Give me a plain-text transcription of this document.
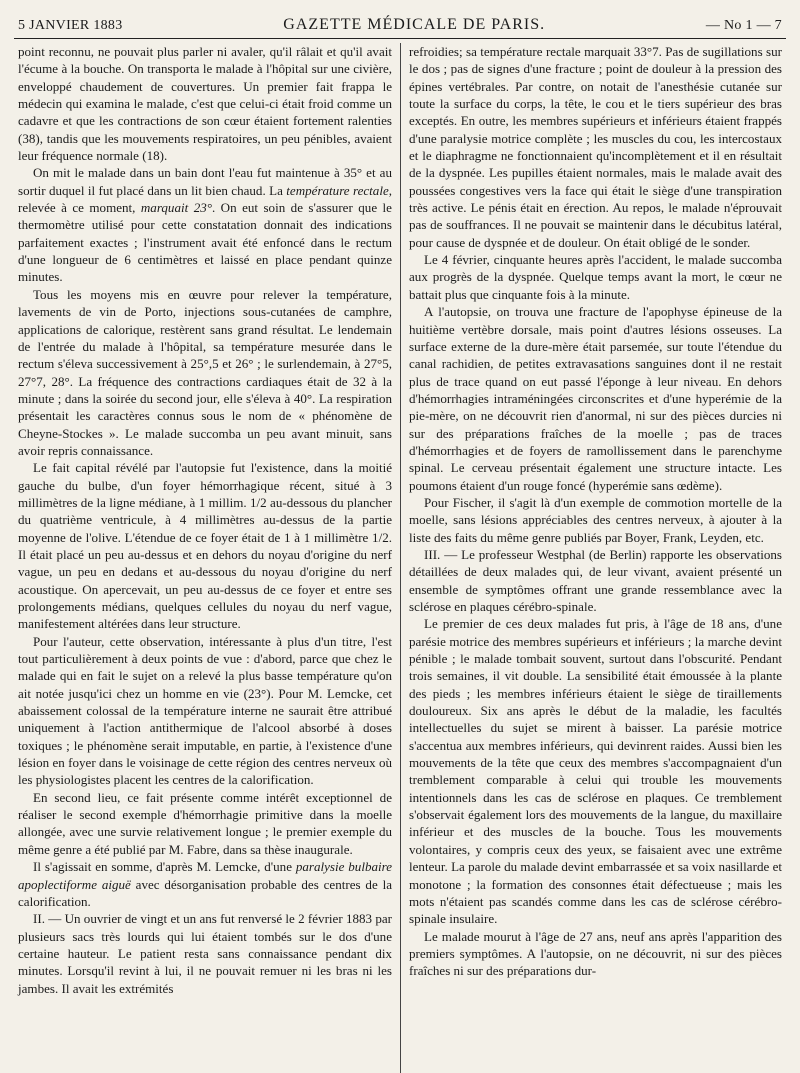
5 JANVIER 1883	GAZETTE MÉDICALE DE PARIS.	— No 1 — 7

point reconnu, ne pouvait plus parler ni avaler, qu'il râlait et qu'il avait l'écume à la bouche. On transporta le malade à l'hôpital sur une civière, enveloppé chaudement de couvertures. Un premier fait frappa le médecin qui examina le malade, c'est que celui-ci était froid comme un cadavre et que les contractions de son cœur étaient fortement ralenties (38), tandis que les mouvements respiratoires, un peu pénibles, avaient leur fréquence normale (18).

On mit le malade dans un bain dont l'eau fut maintenue à 35° et au sortir duquel il fut placé dans un lit bien chaud. La température rectale, relevée à ce moment, marquait 23°. On eut soin de s'assurer que le thermomètre utilisé pour cette constatation donnait des indications parfaitement exactes ; l'instrument avait été enfoncé dans le rectum d'une longueur de 6 centimètres et laissé en place pendant quinze minutes.

Tous les moyens mis en œuvre pour relever la température, lavements de vin de Porto, injections sous-cutanées de camphre, applications de calorique, restèrent sans grand résultat. Le lendemain de l'entrée du malade à l'hôpital, sa température mesurée dans le rectum s'éleva successivement à 25°,5 et 26° ; le surlendemain, à 27°5, 27°7, 28°. La fréquence des contractions cardiaques était de 32 à la minute ; dans la soirée du second jour, elle s'éleva à 40°. La respiration présentait les caractères connus sous le nom de « phénomène de Cheyne-Stockes ». Le malade succomba un peu avant minuit, sans avoir repris connaissance.

Le fait capital révélé par l'autopsie fut l'existence, dans la moitié gauche du bulbe, d'un foyer hémorrhagique récent, situé à 3 millimètres de la ligne médiane, à 1 millim. 1/2 au-dessous du plancher du quatrième ventricule, à 4 millimètres au-dessus de la partie moyenne de l'olive. L'étendue de ce foyer était de 1 à 1 millimètre 1/2. Il était placé un peu au-dessus et en dehors du noyau d'origine du nerf vague, un peu en dedans et au-dessous du noyau d'origine du nerf acoustique. On apercevait, un peu au-dessus de ce foyer et entre ses prolongements médians, quelques cellules du noyau du nerf vague, manifestement altérées dans leur structure.

Pour l'auteur, cette observation, intéressante à plus d'un titre, l'est tout particulièrement à deux points de vue : d'abord, parce que chez le malade qui en fait le sujet on a relevé la plus basse température qu'on ait notée jusqu'ici chez un homme en vie (23°). Pour M. Lemcke, cet abaissement colossal de la température interne ne saurait être attribué uniquement à l'action antithermique de l'alcool absorbé à doses toxiques ; le phénomène serait imputable, en partie, à l'existence d'une lésion en foyer dans le voisinage de cette région des centres nerveux où les physiologistes placent les centres de la calorification.

En second lieu, ce fait présente comme intérêt exceptionnel de réaliser le second exemple d'hémorrhagie primitive dans la moelle allongée, avec une survie relativement longue ; le premier exemple du même genre a été publié par M. Fabre, dans sa thèse inaugurale.

Il s'agissait en somme, d'après M. Lemcke, d'une paralysie bulbaire apoplectiforme aiguë avec désorganisation probable des centres de la calorification.

II. — Un ouvrier de vingt et un ans fut renversé le 2 février 1883 par plusieurs sacs très lourds qui lui étaient tombés sur le dos d'une certaine hauteur. Le patient resta sans connaissance pendant dix minutes. Lorsqu'il revint à lui, il ne pouvait remuer ni les bras ni les jambes. Il avait les extrémités

refroidies; sa température rectale marquait 33°7. Pas de sugillations sur le dos ; pas de signes d'une fracture ; point de douleur à la pression des épines vertébrales. Par contre, on notait de l'anesthésie cutanée sur toute la surface du corps, la tête, le cou et le tiers supérieur des bras exceptés. En outre, les membres supérieurs et inférieurs étaient frappés d'une paralysie motrice complète ; les muscles du cou, les intercostaux et le diaphragme ne fonctionnaient qu'incomplètement et il en résultait de la dyspnée. Les pupilles étaient normales, mais le malade avait des poussées congestives vers la face qui était le siège d'une transpiration très active. Le pénis était en érection. Au repos, le malade n'éprouvait pas de souffrances. Il ne pouvait se maintenir dans le décubitus latéral, pour cause de dyspnée et de douleur. On était obligé de le sonder.

Le 4 février, cinquante heures après l'accident, le malade succomba aux progrès de la dyspnée. Quelque temps avant la mort, le cœur ne battait plus que cinquante fois à la minute.

A l'autopsie, on trouva une fracture de l'apophyse épineuse de la huitième vertèbre dorsale, mais point d'autres lésions osseuses. La surface externe de la dure-mère était parsemée, sur toute l'étendue du canal rachidien, de petites extravasations sanguines dont il ne restait plus de trace quand on eut passé l'éponge à leur niveau. En dehors d'hémorrhagies intraméningées circonscrites et d'une hyperémie de la pie-mère, on ne découvrit rien d'anormal, ni sur des pièces durcies ni sur des préparations fraîches de la moelle ; pas de traces d'hémorrhagies et de foyers de ramollissement dans le parenchyme spinal. Le cerveau présentait également une structure intacte. Les poumons étaient d'un rouge foncé (hyperémie sans œdème).

Pour Fischer, il s'agit là d'un exemple de commotion mortelle de la moelle, sans lésions appréciables des centres nerveux, à ajouter à la liste des faits du même genre publiés par Boyer, Frank, Leyden, etc.

III. — Le professeur Westphal (de Berlin) rapporte les observations détaillées de deux malades qui, de leur vivant, avaient présenté un ensemble de symptômes offrant une grande ressemblance avec la sclérose en plaques cérébro-spinale.

Le premier de ces deux malades fut pris, à l'âge de 18 ans, d'une parésie motrice des membres supérieurs et inférieurs ; la marche devint pénible ; le malade tombait souvent, surtout dans l'obscurité. Pendant trois semaines, il vit double. La sensibilité était émoussée à la plante des pieds ; les membres inférieurs étaient le siège de tiraillements douloureux. Six ans après le début de la maladie, les facultés intellectuelles du sujet se mirent à baisser. La parésie motrice s'accentua aux membres inférieurs, qui devinrent raides. Aussi bien les mouvements de la tête que ceux des membres s'accompagnaient d'un tremblement comparable à celui qui trouble les mouvements intentionnels dans les cas de sclérose en plaques. Ce tremblement s'observait également lors des mouvements de la langue, du maxillaire inférieur et des muscles de la bouche. Tous les mouvements volontaires, y compris ceux des yeux, se faisaient avec une extrême lenteur. La parole du malade devint embarrassée et sa voix nasillarde et monotone ; la formation des consonnes était défectueuse ; mais les mots n'étaient pas scandés comme dans les cas de sclérose cérébro-spinale insulaire.

Le malade mourut à l'âge de 27 ans, neuf ans après l'apparition des premiers symptômes. A l'autopsie, on ne découvrit, ni sur des pièces fraîches ni sur des préparations dur-
